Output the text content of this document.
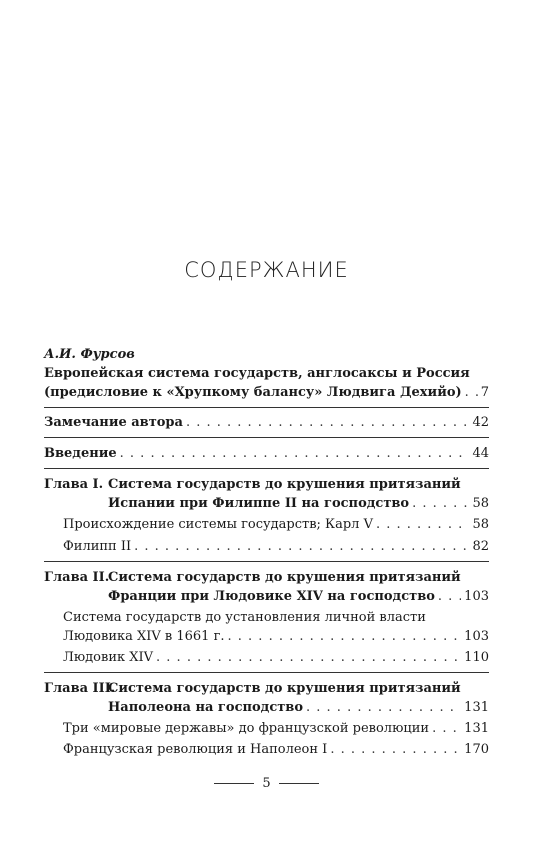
СОДЕРЖАНИЕ
А.И. Фурсов
Европейская система государств, англосаксы и Россия
(предисловие к «Хрупкому балансу» Людвига Дехийо) . . . 7
Замечание автора . . .	42
Введение . . .	44
Глава I. Система государств до крушения притязаний
Испании при Филиппе II на господство . . .	58
Происхождение системы государств; Карл V . . .	58
Филипп II . . .	82
Глава II.Система государств до крушения притязаний
Франции при Людовике XIV на господство . . . 103
Система государств до установления личной власти
Людовика XIV в 1661 г. . . .	103
Людовик XIV . . .	110
Глава III.Система государств до крушения притязаний
Наполеона на господство . . .	131
Три «мировые державы» до французской революции . . .	131
Французская революция и Наполеон I . . .	170
5
